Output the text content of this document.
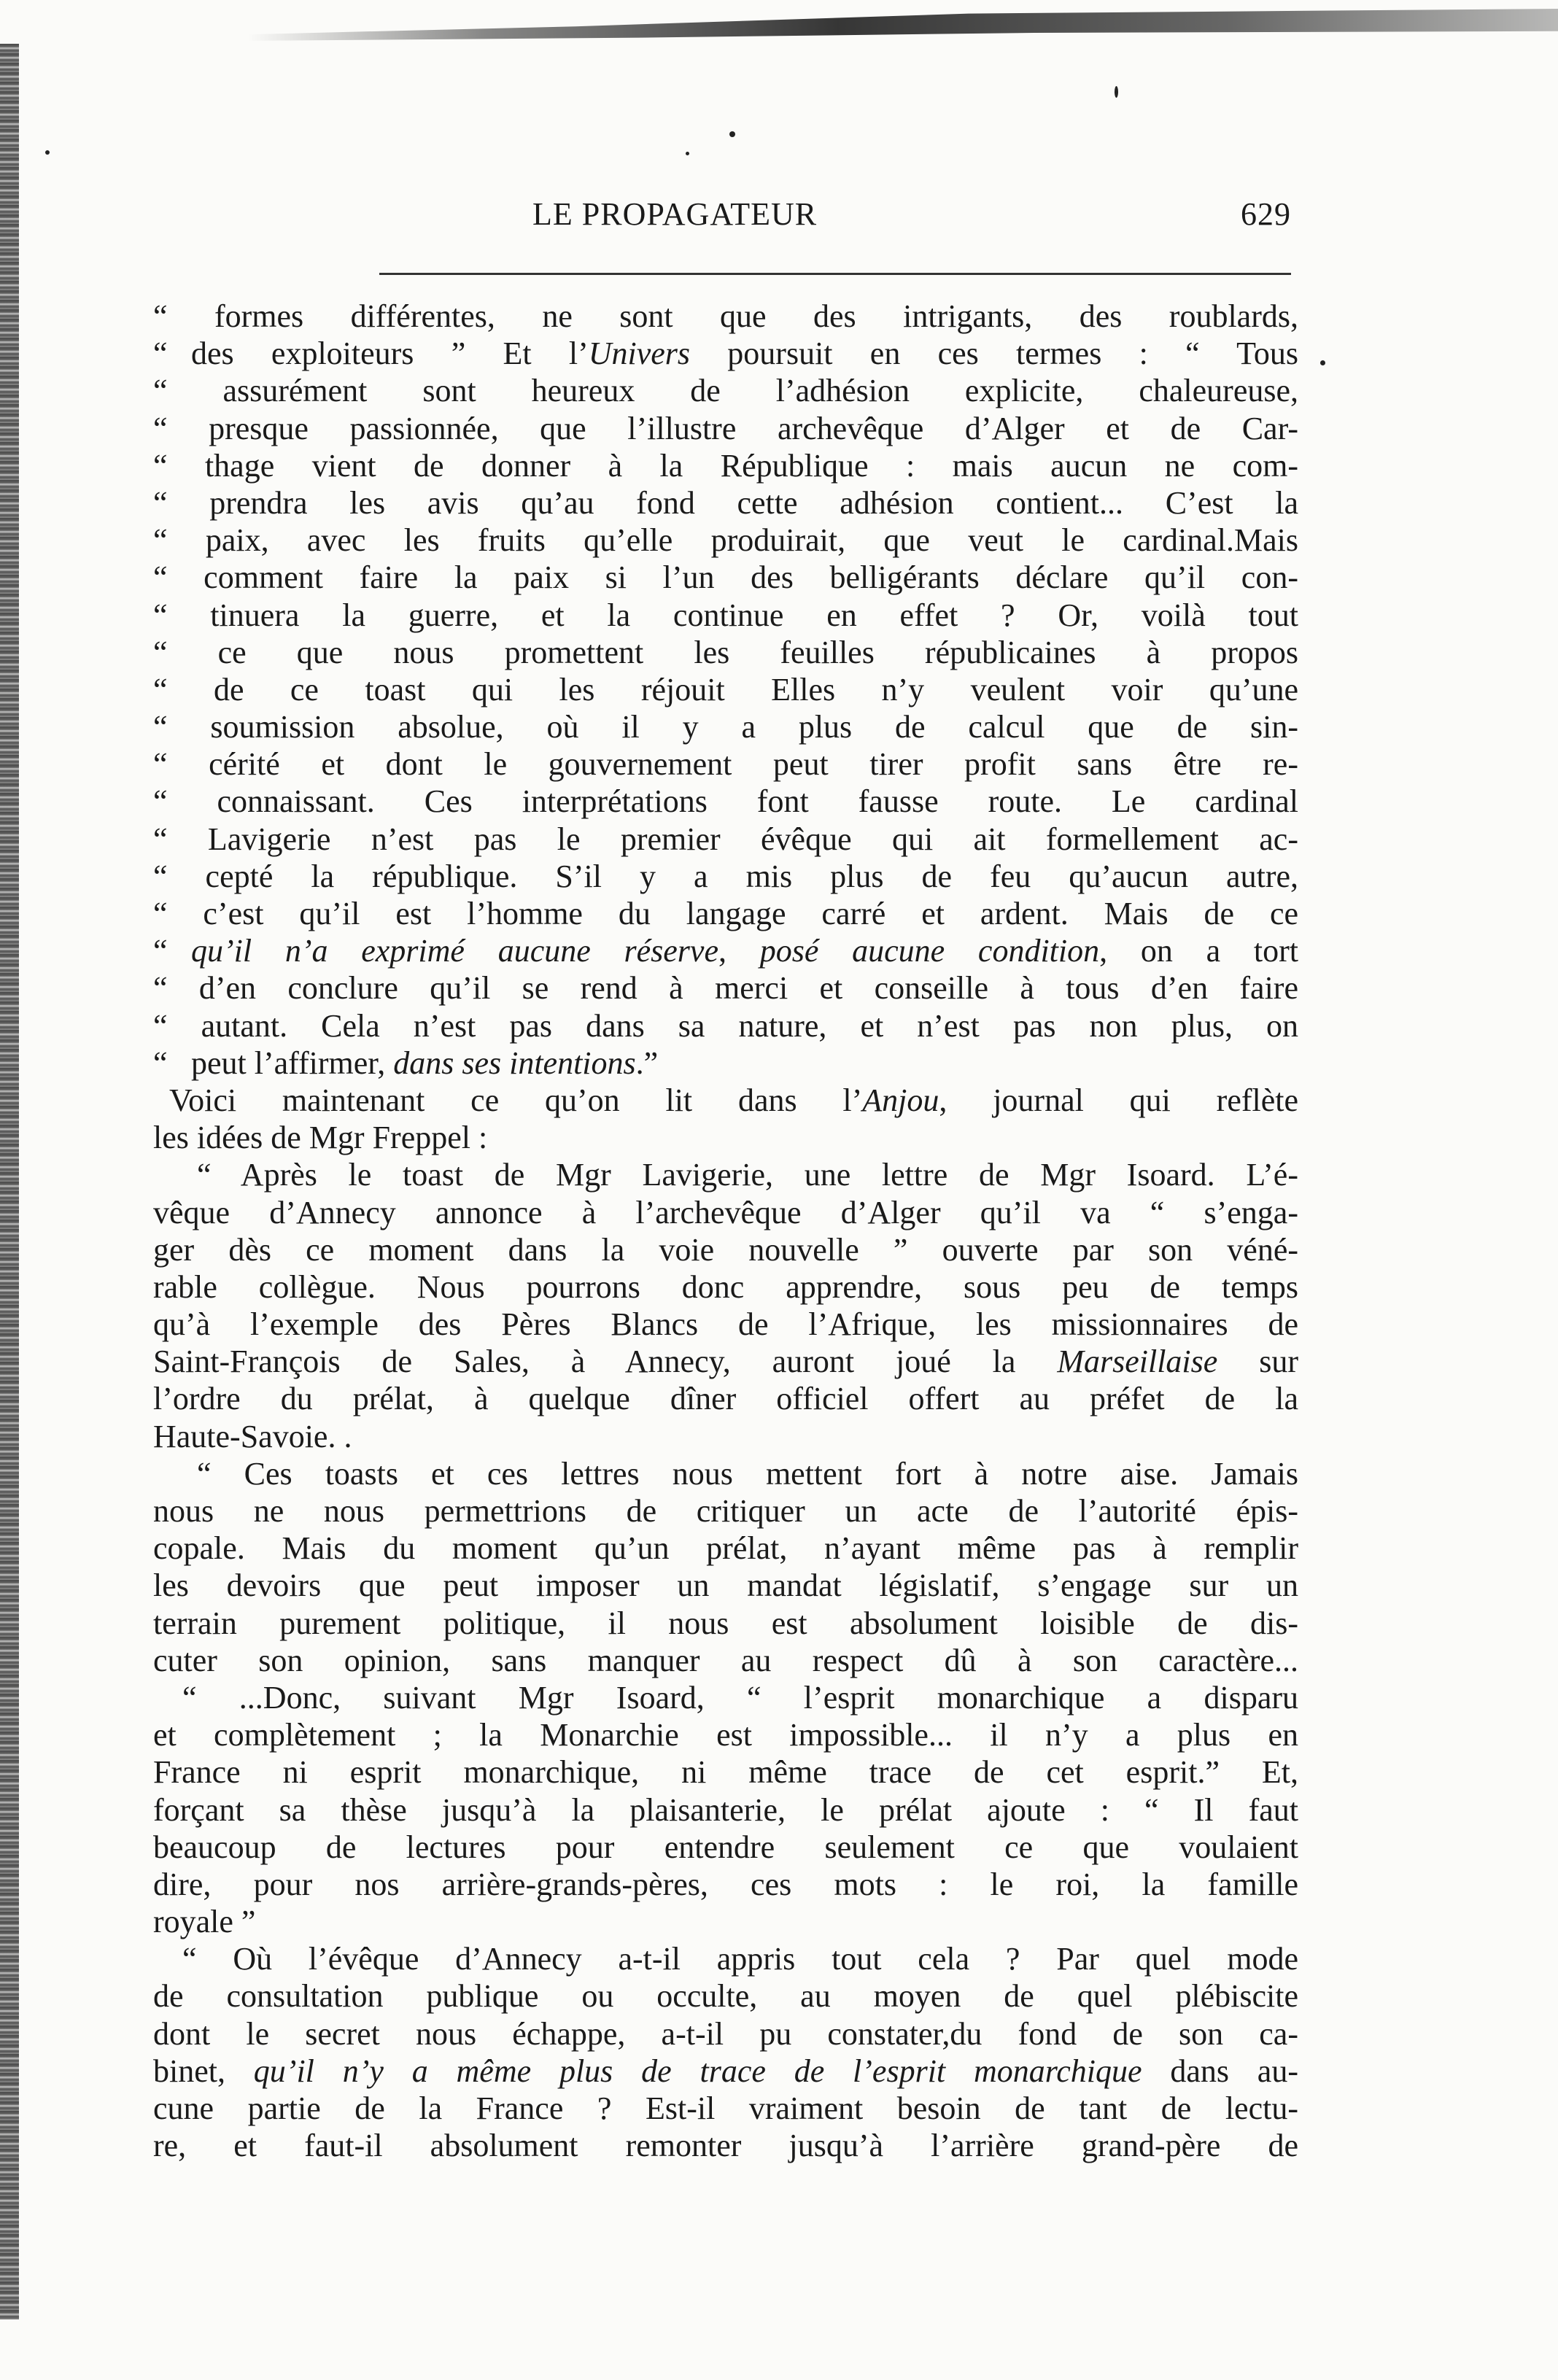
LE PROPAGATEUR	629
“ formes différentes, ne sont que des intrigants, des roublards,
“ des exploiteurs ” Et l’Univers poursuit en ces termes : “ Tous
“ assurément sont heureux de l’adhésion explicite, chaleureuse,
“ presque passionnée, que l’illustre archevêque d’Alger et de Car-
“ thage vient de donner à la République : mais aucun ne com-
“ prendra les avis qu’au fond cette adhésion contient... C’est la
“ paix, avec les fruits qu’elle produirait, que veut le cardinal.Mais
“ comment faire la paix si l’un des belligérants déclare qu’il con-
“ tinuera la guerre, et la continue en effet ? Or, voilà tout
“ ce que nous promettent les feuilles républicaines à propos
“ de ce toast qui les réjouit Elles n’y veulent voir qu’une
“ soumission absolue, où il y a plus de calcul que de sin-
“ cérité et dont le gouvernement peut tirer profit sans être re-
“ connaissant. Ces interprétations font fausse route. Le cardinal
“ Lavigerie n’est pas le premier évêque qui ait formellement ac-
“ cepté la république. S’il y a mis plus de feu qu’aucun autre,
“ c’est qu’il est l’homme du langage carré et ardent. Mais de ce
“ qu’il n’a exprimé aucune réserve, posé aucune condition, on a tort
“ d’en conclure qu’il se rend à merci et conseille à tous d’en faire
“ autant. Cela n’est pas dans sa nature, et n’est pas non plus, on
“ peut l’affirmer, dans ses intentions.”
Voici maintenant ce qu’on lit dans l’Anjou, journal qui reflète
les idées de Mgr Freppel :
“ Après le toast de Mgr Lavigerie, une lettre de Mgr Isoard. L’é-
vêque d’Annecy annonce à l’archevêque d’Alger qu’il va “ s’enga-
ger dès ce moment dans la voie nouvelle ” ouverte par son véné-
rable collègue. Nous pourrons donc apprendre, sous peu de temps
qu’à l’exemple des Pères Blancs de l’Afrique, les missionnaires de
Saint-François de Sales, à Annecy, auront joué la Marseillaise sur
l’ordre du prélat, à quelque dîner officiel offert au préfet de la
Haute-Savoie. .
“ Ces toasts et ces lettres nous mettent fort à notre aise. Jamais
nous ne nous permettrions de critiquer un acte de l’autorité épis-
copale. Mais du moment qu’un prélat, n’ayant même pas à remplir
les devoirs que peut imposer un mandat législatif, s’engage sur un
terrain purement politique, il nous est absolument loisible de dis-
cuter son opinion, sans manquer au respect dû à son caractère...
“ ...Donc, suivant Mgr Isoard, “ l’esprit monarchique a disparu
et complètement ; la Monarchie est impossible... il n’y a plus en
France ni esprit monarchique, ni même trace de cet esprit.” Et,
forçant sa thèse jusqu’à la plaisanterie, le prélat ajoute : “ Il faut
beaucoup de lectures pour entendre seulement ce que voulaient
dire, pour nos arrière-grands-pères, ces mots : le roi, la famille
royale ”
“ Où l’évêque d’Annecy a-t-il appris tout cela ? Par quel mode
de consultation publique ou occulte, au moyen de quel plébiscite
dont le secret nous échappe, a-t-il pu constater,du fond de son ca-
binet, qu’il n’y a même plus de trace de l’esprit monarchique dans au-
cune partie de la France ? Est-il vraiment besoin de tant de lectu-
re, et faut-il absolument remonter jusqu’à l’arrière grand-père de
